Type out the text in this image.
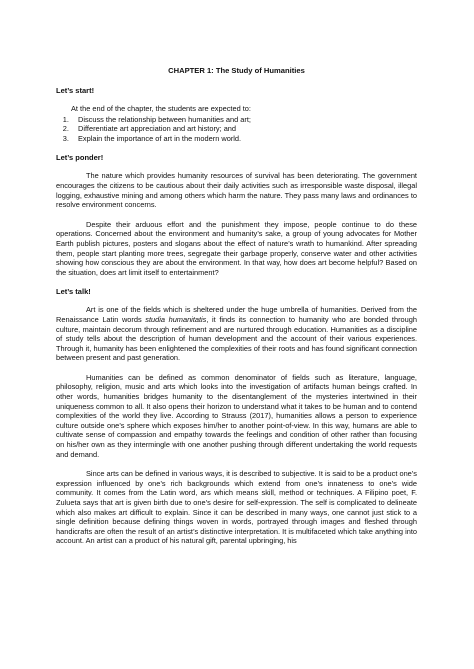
CHAPTER 1: The Study of Humanities
Let’s start!
At the end of the chapter, the students are expected to:
1. Discuss the relationship between humanities and art;
2. Differentiate art appreciation and art history; and
3. Explain the importance of art in the modern world.
Let’s ponder!

The nature which provides humanity resources of survival has been deteriorating. The government encourages the citizens to be cautious about their daily activities such as irresponsible waste disposal, illegal logging, exhaustive mining and among others which harm the nature. They pass many laws and ordinances to resolve environment concerns.

Despite their arduous effort and the punishment they impose, people continue to do these operations. Concerned about the environment and humanity’s sake, a group of young advocates for Mother Earth publish pictures, posters and slogans about the effect of nature’s wrath to humankind. After spreading them, people start planting more trees, segregate their garbage properly, conserve water and other activities showing how conscious they are about the environment. In that way, how does art become helpful? Based on the situation, does art limit itself to entertainment?

Let’s talk!

Art is one of the fields which is sheltered under the huge umbrella of humanities. Derived from the Renaissance Latin words studia humanitatis, it finds its connection to humanity who are bonded through culture, maintain decorum through refinement and are nurtured through education. Humanities as a discipline of study tells about the description of human development and the account of their various experiences. Through it, humanity has been enlightened the complexities of their roots and has found significant connection between present and past generation.

Humanities can be defined as common denominator of fields such as literature, language, philosophy, religion, music and arts which looks into the investigation of artifacts human beings crafted. In other words, humanities bridges humanity to the disentanglement of the mysteries intertwined in their uniqueness common to all. It also opens their horizon to understand what it takes to be human and to contend complexities of the world they live. According to Strauss (2017), humanities allows a person to experience culture outside one’s sphere which exposes him/her to another point-of-view. In this way, humans are able to cultivate sense of compassion and empathy towards the feelings and condition of other rather than focusing on his/her own as they intermingle with one another pushing through different undertaking the world requests and demand.

Since arts can be defined in various ways, it is described to subjective. It is said to be a product one’s expression influenced by one’s rich backgrounds which extend from one’s innateness to one’s wide community. It comes from the Latin word, ars which means skill, method or techniques. A Filipino poet, F. Zulueta says that art is given birth due to one’s desire for self-expression. The self is complicated to delineate which also makes art difficult to explain. Since it can be described in many ways, one cannot just stick to a single definition because defining things woven in words, portrayed through images and fleshed through handicrafts are often the result of an artist’s distinctive interpretation. It is multifaceted which take anything into account. An artist can a product of his natural gift, parental upbringing, his
